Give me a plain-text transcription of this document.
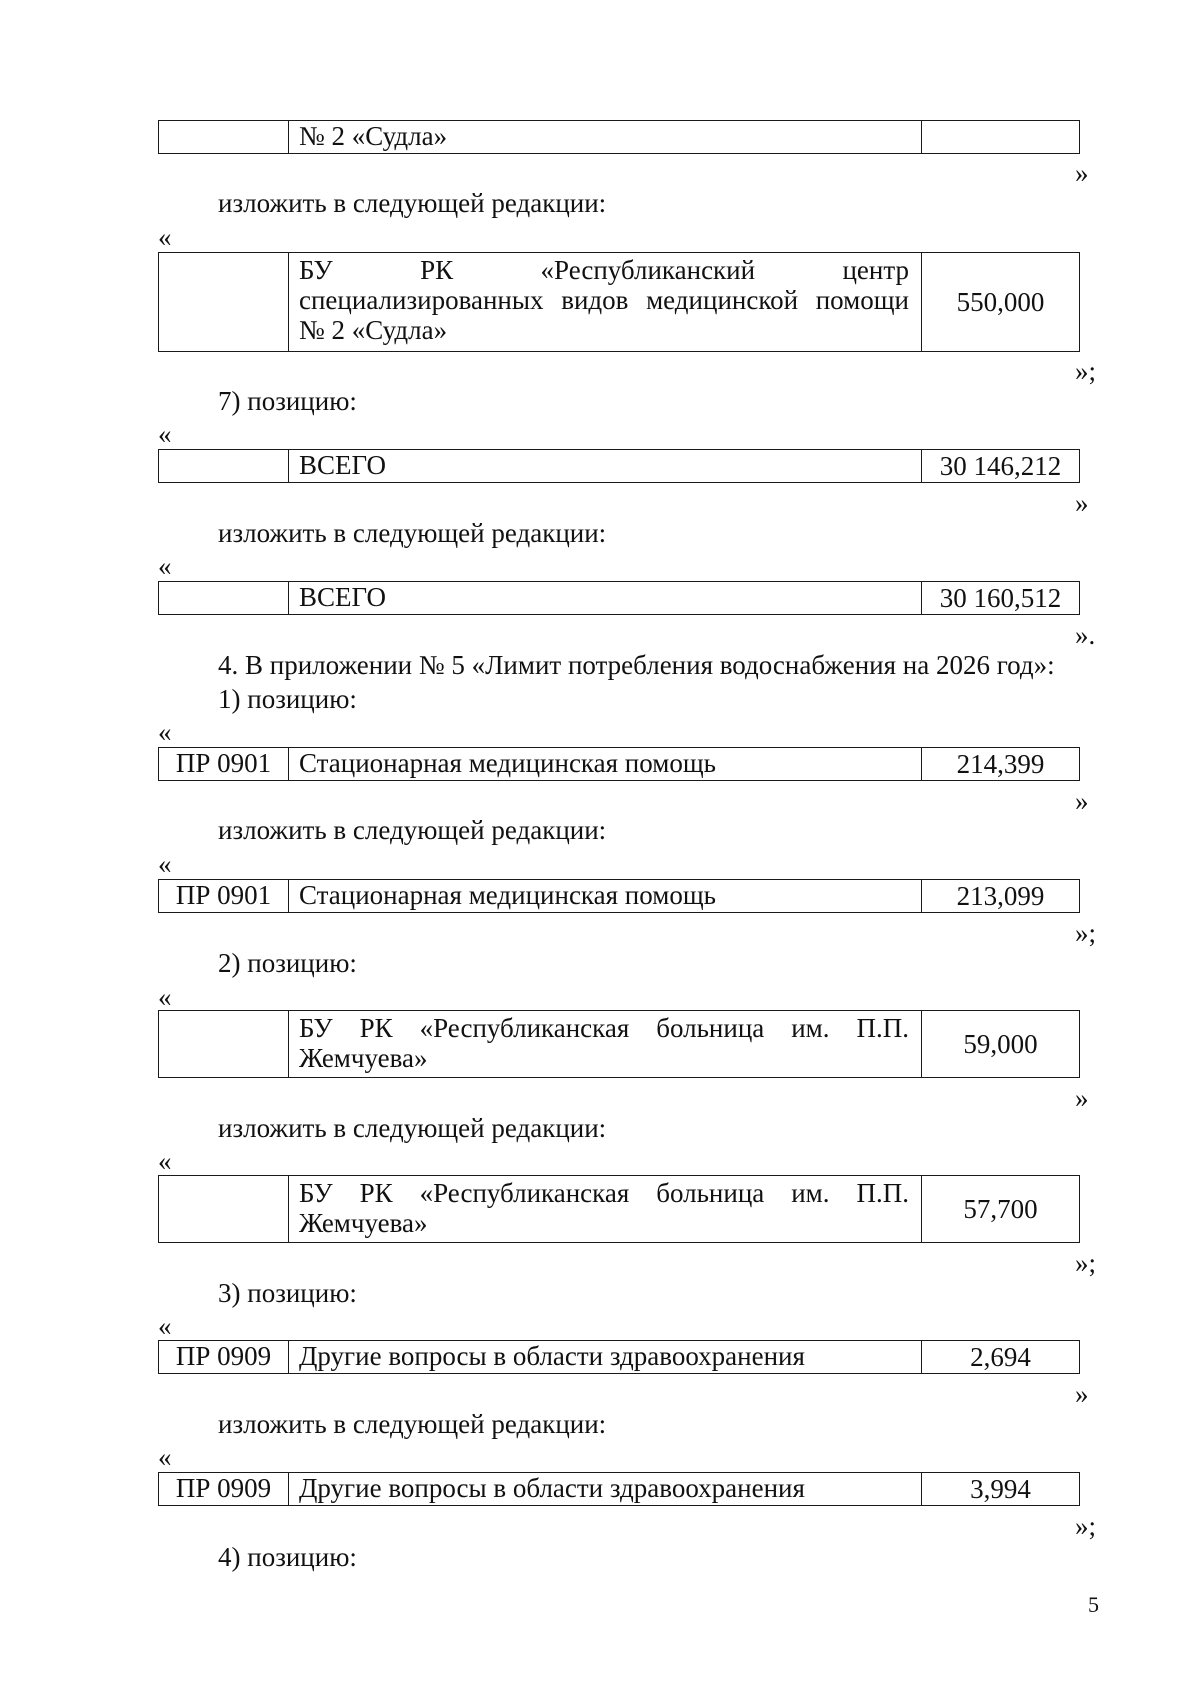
№ 2 «Судла»
»
изложить в следующей редакции:
«
БУ РК «Республиканский центр
специализированных видов медицинской помощи
№ 2 «Судла»
550,000
»;
7) позицию:
«
ВСЕГО	30 146,212
»
изложить в следующей редакции:
«
ВСЕГО	30 160,512
».
4. В приложении № 5 «Лимит потребления водоснабжения на 2026 год»:
1) позицию:
«
ПР 0901	Стационарная медицинская помощь	214,399
»
изложить в следующей редакции:
«
ПР 0901	Стационарная медицинская помощь	213,099
»;
2) позицию:
«
БУ РК «Республиканская больница им. П.П.
Жемчуева»	59,000
»
изложить в следующей редакции:
«
БУ РК «Республиканская больница им. П.П.
Жемчуева»	57,700
»;
3) позицию:
«
ПР 0909	Другие вопросы в области здравоохранения	2,694
»
изложить в следующей редакции:
«
ПР 0909	Другие вопросы в области здравоохранения	3,994
»;
4) позицию:
5
